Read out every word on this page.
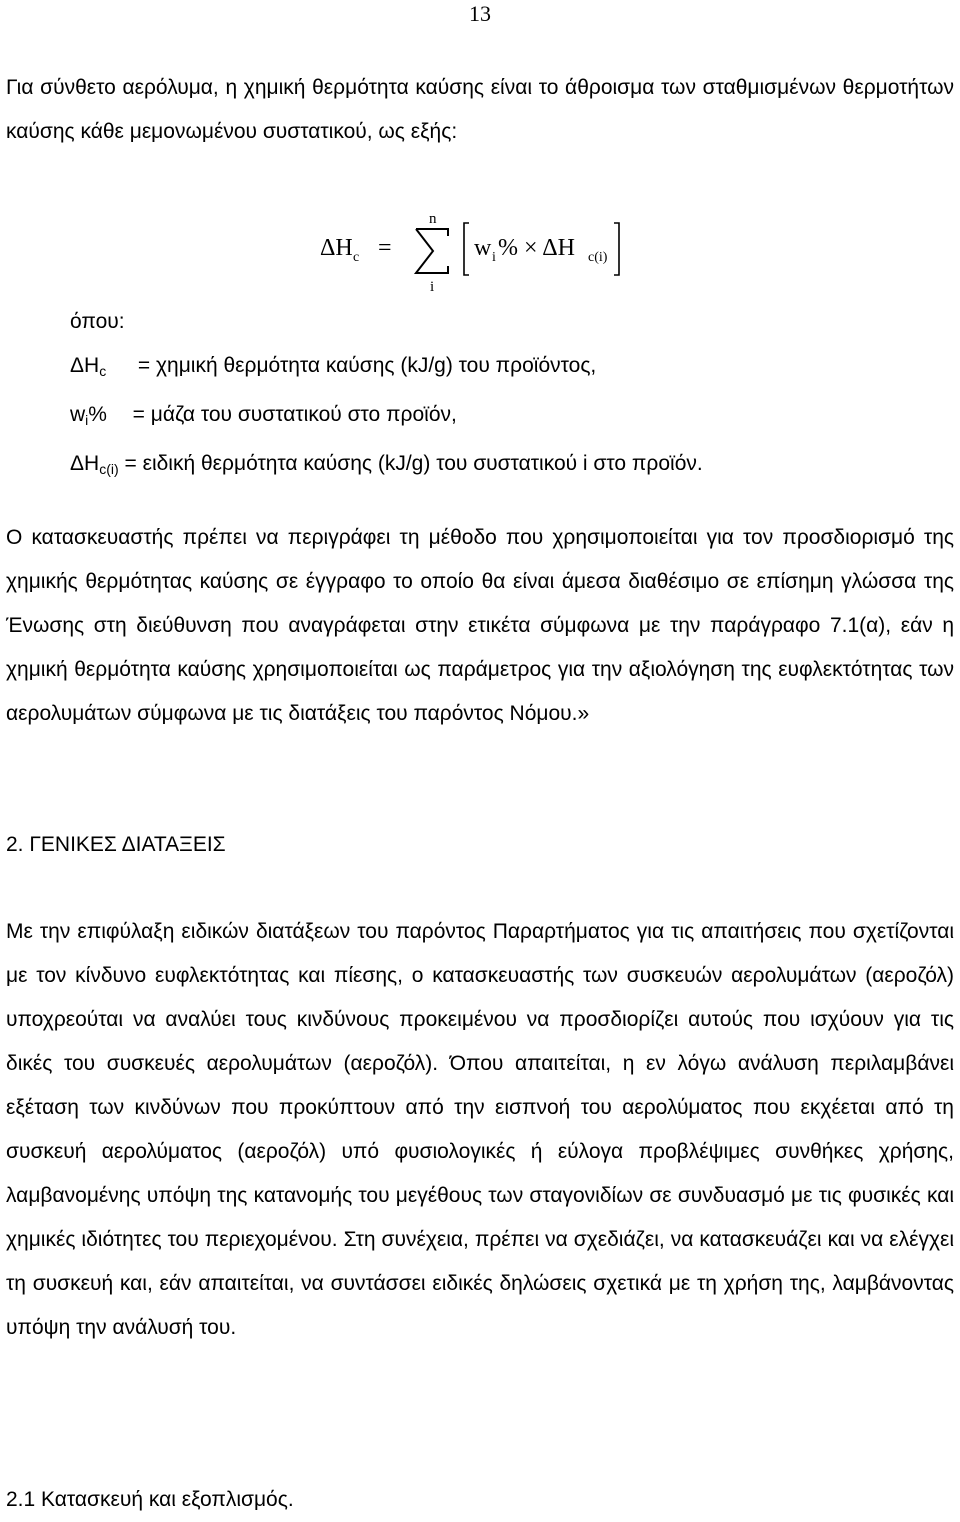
13
Για σύνθετο αερόλυμα, η χημική θερμότητα καύσης είναι το άθροισμα των σταθμισμένων θερμοτήτων καύσης κάθε μεμονωμένου συστατικού, ως εξής:
ΔH c =
n
i
w i % × ΔH c(i)
όπου:
$\Delta H_c = \chi\eta\mu\iota\kappa ή$ θερμότητα καύσης (kJ/g) του προϊόντος,
$w_i\% = \mu ά\zeta\alpha$ του συστατικού στο προϊόν,
$\Delta H_{c(i)} = \varepsilon\iota\delta\iota\kappa ή$ θερμότητα καύσης (kJ/g) του συστατικού i στο προϊόν.
Ο κατασκευαστής πρέπει να περιγράφει τη μέθοδο που χρησιμοποιείται για τον προσδιορισμό της χημικής θερμότητας καύσης σε έγγραφο το οποίο θα είναι άμεσα διαθέσιμο σε επίσημη γλώσσα της Ένωσης στη διεύθυνση που αναγράφεται στην ετικέτα σύμφωνα με την παράγραφο 7.1(α), εάν η χημική θερμότητα καύσης χρησιμοποιείται ως παράμετρος για την αξιολόγηση της ευφλεκτότητας των αερολυμάτων σύμφωνα με τις διατάξεις του παρόντος Νόμου.»
2. ΓΕΝΙΚΕΣ ΔΙΑΤΑΞΕΙΣ
Με την επιφύλαξη ειδικών διατάξεων του παρόντος Παραρτήματος για τις απαιτήσεις που σχετίζονται με τον κίνδυνο ευφλεκτότητας και πίεσης, ο κατασκευαστής των συσκευών αερολυμάτων (αεροζόλ) υποχρεούται να αναλύει τους κινδύνους προκειμένου να προσδιορίζει αυτούς που ισχύουν για τις δικές του συσκευές αερολυμάτων (αεροζόλ). Όπου απαιτείται, η εν λόγω ανάλυση περιλαμβάνει εξέταση των κινδύνων που προκύπτουν από την εισπνοή του αερολύματος που εκχέεται από τη συσκευή αερολύματος (αεροζόλ) υπό φυσιολογικές ή εύλογα προβλέψιμες συνθήκες χρήσης, λαμβανομένης υπόψη της κατανομής του μεγέθους των σταγονιδίων σε συνδυασμό με τις φυσικές και χημικές ιδιότητες του περιεχομένου. Στη συνέχεια, πρέπει να σχεδιάζει, να κατασκευάζει και να ελέγχει τη συσκευή και, εάν απαιτείται, να συντάσσει ειδικές δηλώσεις σχετικά με τη χρήση της, λαμβάνοντας υπόψη την ανάλυσή του.
2.1 Κατασκευή και εξοπλισμός.
